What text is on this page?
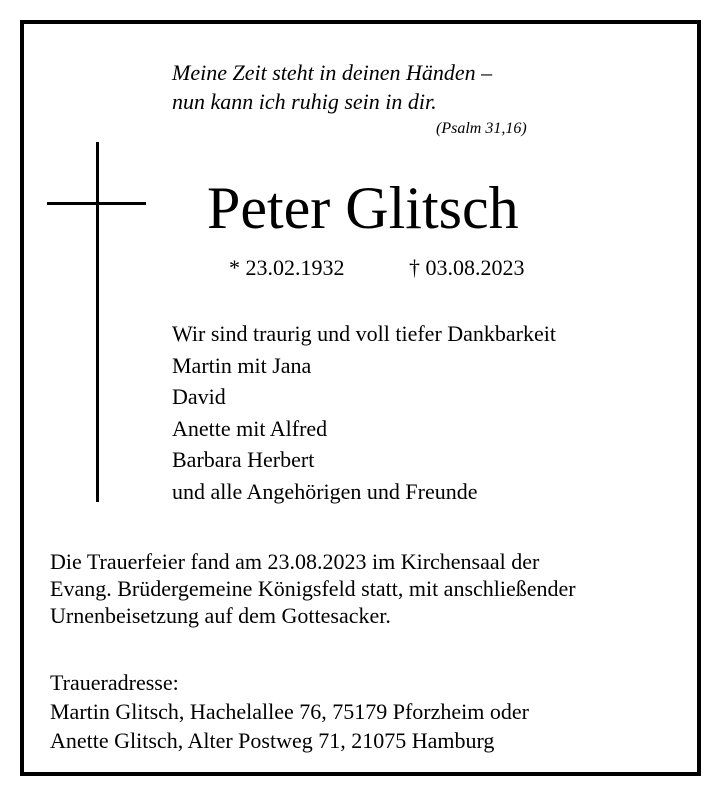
Meine Zeit steht in deinen Händen –
nun kann ich ruhig sein in dir.
(Psalm 31,16)
Peter Glitsch
* 23.02.1932	† 03.08.2023
Wir sind traurig und voll tiefer Dankbarkeit
Martin mit Jana
David
Anette mit Alfred
Barbara Herbert
und alle Angehörigen und Freunde
Die Trauerfeier fand am 23.08.2023 im Kirchensaal der
Evang. Brüdergemeine Königsfeld statt, mit anschließender
Urnenbeisetzung auf dem Gottesacker.
Traueradresse:
Martin Glitsch, Hachelallee 76, 75179 Pforzheim oder
Anette Glitsch, Alter Postweg 71, 21075 Hamburg
